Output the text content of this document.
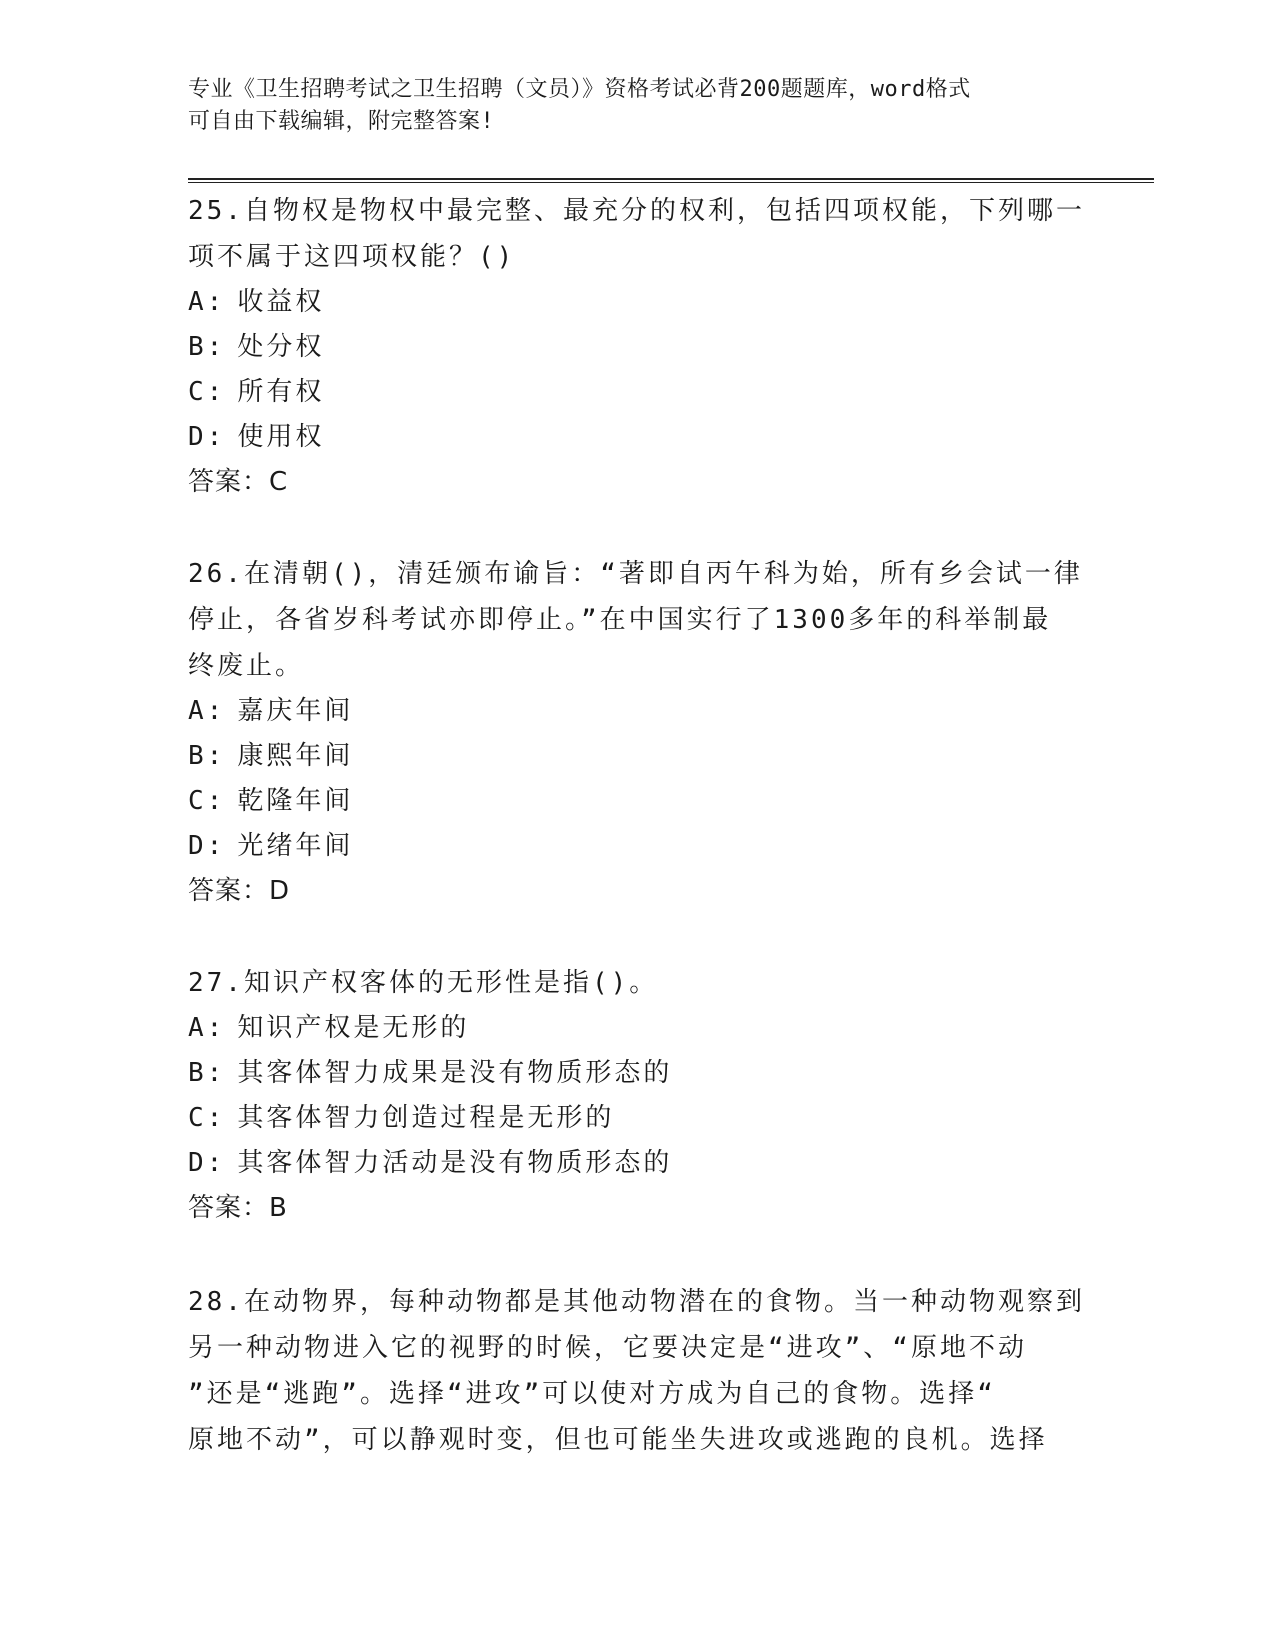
专业《卫生招聘考试之卫生招聘（文员）》资格考试必背200题题库，word格式
可自由下载编辑，附完整答案!
25.自物权是物权中最完整、最充分的权利，包括四项权能，下列哪一
项不属于这四项权能？()
A: 收益权
B: 处分权
C: 所有权
D: 使用权
答案：C
26.在清朝()，清廷颁布谕旨：“著即自丙午科为始，所有乡会试一律
停止，各省岁科考试亦即停止。”在中国实行了1300多年的科举制最
终废止。
A: 嘉庆年间
B: 康熙年间
C: 乾隆年间
D: 光绪年间
答案：D
27.知识产权客体的无形性是指()。
A: 知识产权是无形的
B: 其客体智力成果是没有物质形态的
C: 其客体智力创造过程是无形的
D: 其客体智力活动是没有物质形态的
答案：B
28.在动物界，每种动物都是其他动物潜在的食物。当一种动物观察到
另一种动物进入它的视野的时候，它要决定是“进攻”、“原地不动
”还是“逃跑”。选择“进攻”可以使对方成为自己的食物。选择“
原地不动”，可以静观时变，但也可能坐失进攻或逃跑的良机。选择
